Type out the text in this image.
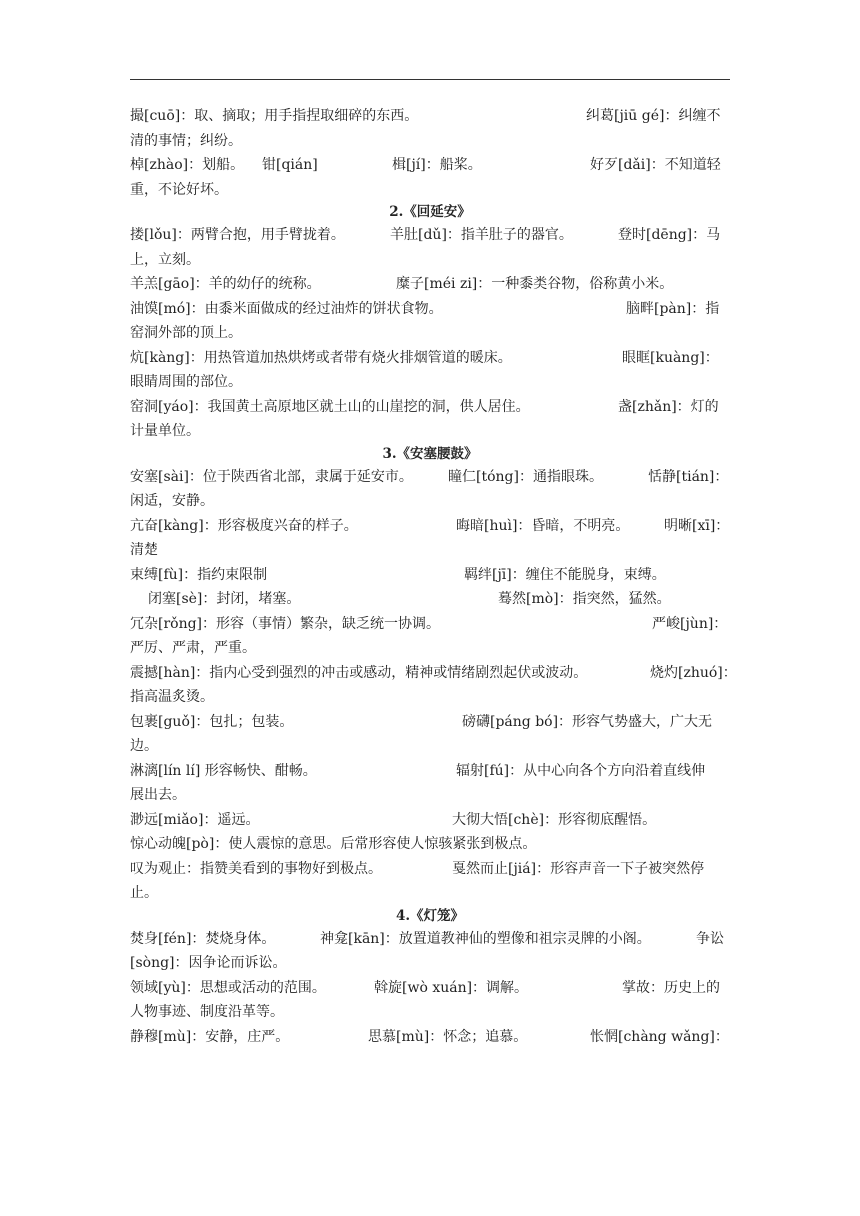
撮[cuō]：取、摘取；用手指捏取细碎的东西。	纠葛[jiū gé]：纠缠不
清的事情；纠纷。
棹[zhào]：划船。 钳[qián]	楫[jí]：船桨。	好歹[dǎi]：不知道轻
重，不论好坏。
2.《回延安》
搂[lǒu]：两臂合抱，用手臂拢着。	羊肚[dǔ]：指羊肚子的器官。	登时[dēng]：马
上，立刻。
羊羔[gāo]：羊的幼仔的统称。	糜子[méi zi]：一种黍类谷物，俗称黄小米。
油馍[mó]：由黍米面做成的经过油炸的饼状食物。	脑畔[pàn]：指
窑洞外部的顶上。
炕[kàng]：用热管道加热烘烤或者带有烧火排烟管道的暖床。	眼眶[kuàng]：
眼睛周围的部位。
窑洞[yáo]：我国黄土高原地区就土山的山崖挖的洞，供人居住。	盏[zhǎn]：灯的
计量单位。
3.《安塞腰鼓》
安塞[sài]：位于陕西省北部，隶属于延安市。	瞳仁[tóng]：通指眼珠。	恬静[tián]：
闲适，安静。
亢奋[kàng]：形容极度兴奋的样子。	晦暗[huì]：昏暗，不明亮。 明晰[xī]：
清楚
束缚[fù]：指约束限制	羁绊[jī]：缠住不能脱身，束缚。
闭塞[sè]：封闭，堵塞。	蓦然[mò]：指突然，猛然。
冗杂[rǒng]：形容（事情）繁杂，缺乏统一协调。	严峻[jùn]：
严厉、严肃，严重。
震撼[hàn]：指内心受到强烈的冲击或感动，精神或情绪剧烈起伏或波动。	烧灼[zhuó]：
指高温炙烫。
包裹[guǒ]：包扎；包装。	磅礴[páng bó]：形容气势盛大，广大无
边。
淋漓[lín lí] 形容畅快、酣畅。	辐射[fú]：从中心向各个方向沿着直线伸
展出去。
渺远[miǎo]：遥远。	大彻大悟[chè]：形容彻底醒悟。
惊心动魄[pò]：使人震惊的意思。后常形容使人惊骇紧张到极点。
叹为观止：指赞美看到的事物好到极点。	戛然而止[jiá]：形容声音一下子被突然停
止。
4.《灯笼》
焚身[fén]：焚烧身体。	神龛[kān]：放置道教神仙的塑像和祖宗灵牌的小阁。	争讼
[sòng]：因争论而诉讼。
领域[yù]：思想或活动的范围。	斡旋[wò xuán]：调解。	掌故：历史上的
人物事迹、制度沿革等。
静穆[mù]：安静，庄严。	思慕[mù]：怀念；追慕。	怅惘[chàng wǎng]：
